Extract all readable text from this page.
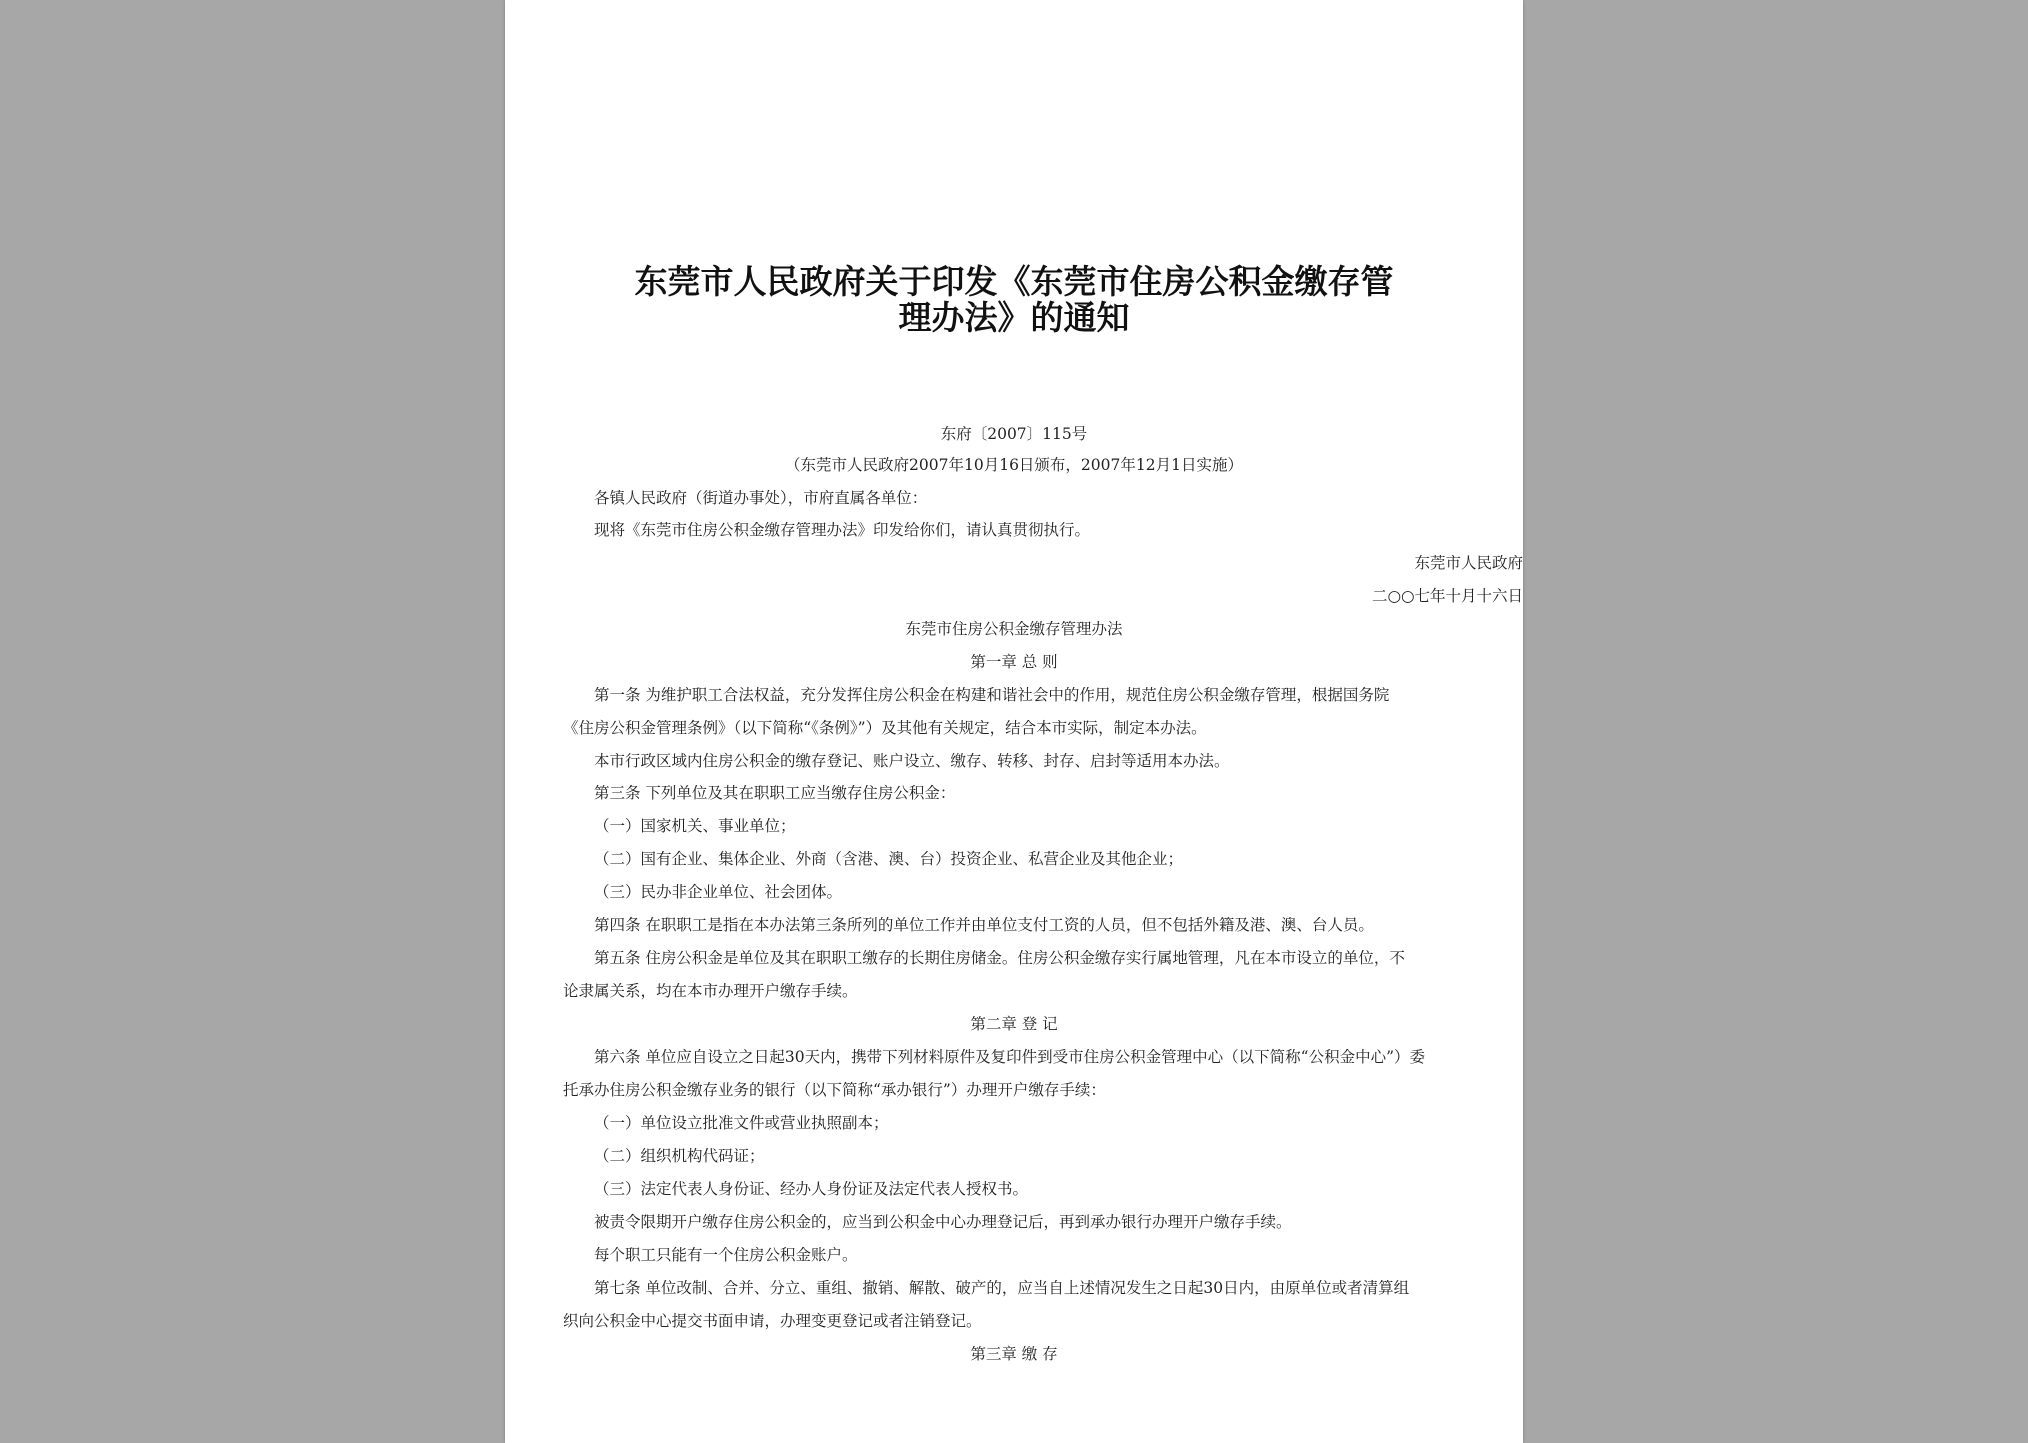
东莞市人民政府关于印发《东莞市住房公积金缴存管
理办法》的通知
东府〔2007〕115号
（东莞市人民政府2007年10月16日颁布，2007年12月1日实施）
各镇人民政府（街道办事处），市府直属各单位：
现将《东莞市住房公积金缴存管理办法》印发给你们，请认真贯彻执行。
东莞市人民政府
二○○七年十月十六日
东莞市住房公积金缴存管理办法
第一章 总 则
第一条 为维护职工合法权益，充分发挥住房公积金在构建和谐社会中的作用，规范住房公积金缴存管理，根据国务院
《住房公积金管理条例》（以下简称“《条例》”）及其他有关规定，结合本市实际，制定本办法。
本市行政区域内住房公积金的缴存登记、账户设立、缴存、转移、封存、启封等适用本办法。
第三条 下列单位及其在职职工应当缴存住房公积金：
（一）国家机关、事业单位；
（二）国有企业、集体企业、外商（含港、澳、台）投资企业、私营企业及其他企业；
（三）民办非企业单位、社会团体。
第四条 在职职工是指在本办法第三条所列的单位工作并由单位支付工资的人员，但不包括外籍及港、澳、台人员。
第五条 住房公积金是单位及其在职职工缴存的长期住房储金。住房公积金缴存实行属地管理，凡在本市设立的单位，不
论隶属关系，均在本市办理开户缴存手续。
第二章 登 记
第六条 单位应自设立之日起30天内，携带下列材料原件及复印件到受市住房公积金管理中心（以下简称“公积金中心”）委
托承办住房公积金缴存业务的银行（以下简称“承办银行”）办理开户缴存手续：
（一）单位设立批准文件或营业执照副本；
（二）组织机构代码证；
（三）法定代表人身份证、经办人身份证及法定代表人授权书。
被责令限期开户缴存住房公积金的，应当到公积金中心办理登记后，再到承办银行办理开户缴存手续。
每个职工只能有一个住房公积金账户。
第七条 单位改制、合并、分立、重组、撤销、解散、破产的，应当自上述情况发生之日起30日内，由原单位或者清算组
织向公积金中心提交书面申请，办理变更登记或者注销登记。
第三章 缴 存
